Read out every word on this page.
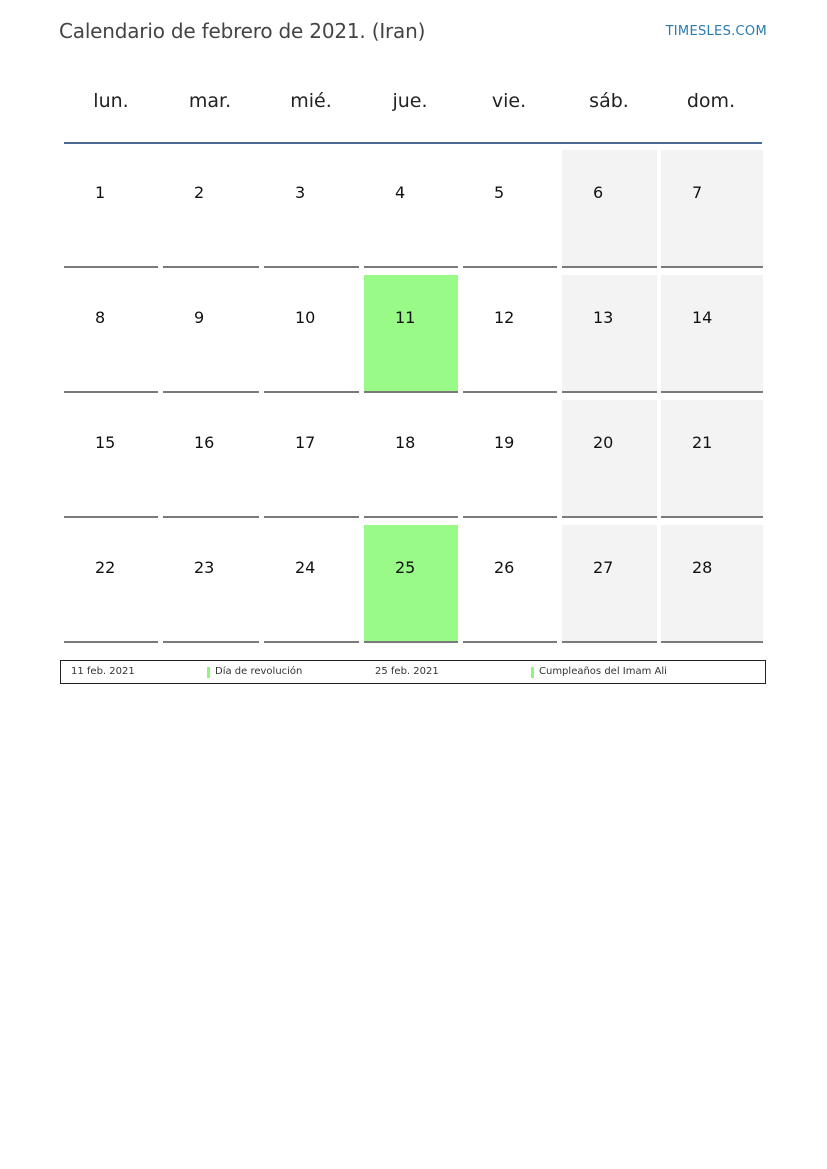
Calendario de febrero de 2021. (Iran)	TIMESLES.COM
lun.	mar.	mié.	jue.	vie.	sáb.	dom.
1	2	3	4	5	6	7
8	9	10	11	12	13	14
15	16	17	18	19	20	21
22	23	24	25	26	27	28
11 feb. 2021	Día de revolución	25 feb. 2021	Cumpleaños del Imam Ali
